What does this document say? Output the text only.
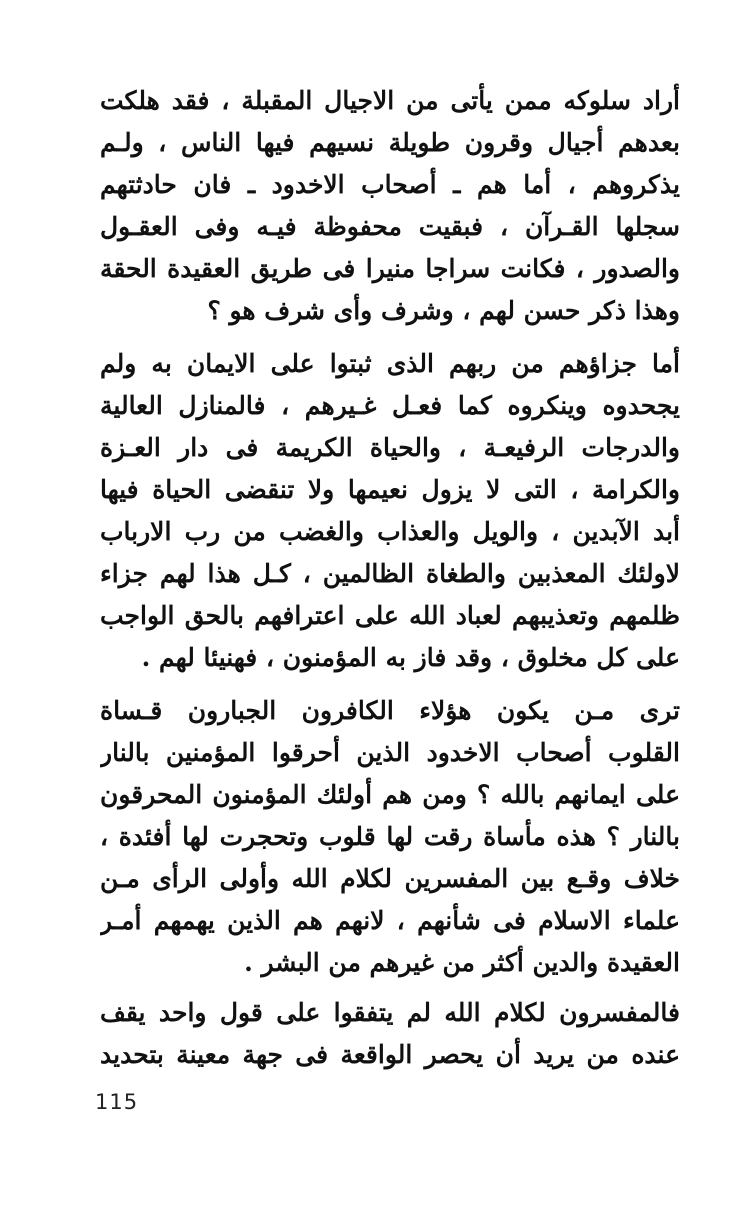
أراد سلوكه ممن يأتى من الاجيال المقبلة ، فقد هلكت
بعدهم أجيال وقرون طويلة نسيهم فيها الناس ، ولـم
يذكروهم ، أما هم ـ أصحاب الاخدود ـ فان حادثتهم
سجلها القـرآن ، فبقيت محفوظة فيـه وفى العقـول
والصدور ، فكانت سراجا منيرا فى طريق العقيدة الحقة
وهذا ذكر حسن لهم ، وشرف وأى شرف هو ؟
أما جزاؤهم من ربهم الذى ثبتوا على الايمان به ولم
يجحدوه وينكروه كما فعـل غـيرهم ، فالمنازل العالية
والدرجات الرفيعـة ، والحياة الكريمة فى دار العـزة
والكرامة ، التى لا يزول نعيمها ولا تنقضى الحياة فيها
أبد الآبدين ، والويل والعذاب والغضب من رب الارباب
لاولئك المعذبين والطغاة الظالمين ، كـل هذا لهم جزاء
ظلمهم وتعذيبهم لعباد الله على اعترافهم بالحق الواجب
على كل مخلوق ، وقد فاز به المؤمنون ، فهنيئا لهم .
ترى مـن يكون هؤلاء الكافرون الجبارون قـساة
القلوب أصحاب الاخدود الذين أحرقوا المؤمنين بالنار
على ايمانهم بالله ؟ ومن هم أولئك المؤمنون المحرقون
بالنار ؟ هذه مأساة رقت لها قلوب وتحجرت لها أفئدة ،
خلاف وقـع بين المفسرين لكلام الله وأولى الرأى مـن
علماء الاسلام فى شأنهم ، لانهم هم الذين يهمهم أمـر
العقيدة والدين أكثر من غيرهم من البشر .
فالمفسرون لكلام الله لم يتفقوا على قول واحد يقف
عنده من يريد أن يحصر الواقعة فى جهة معينة بتحديد
115
